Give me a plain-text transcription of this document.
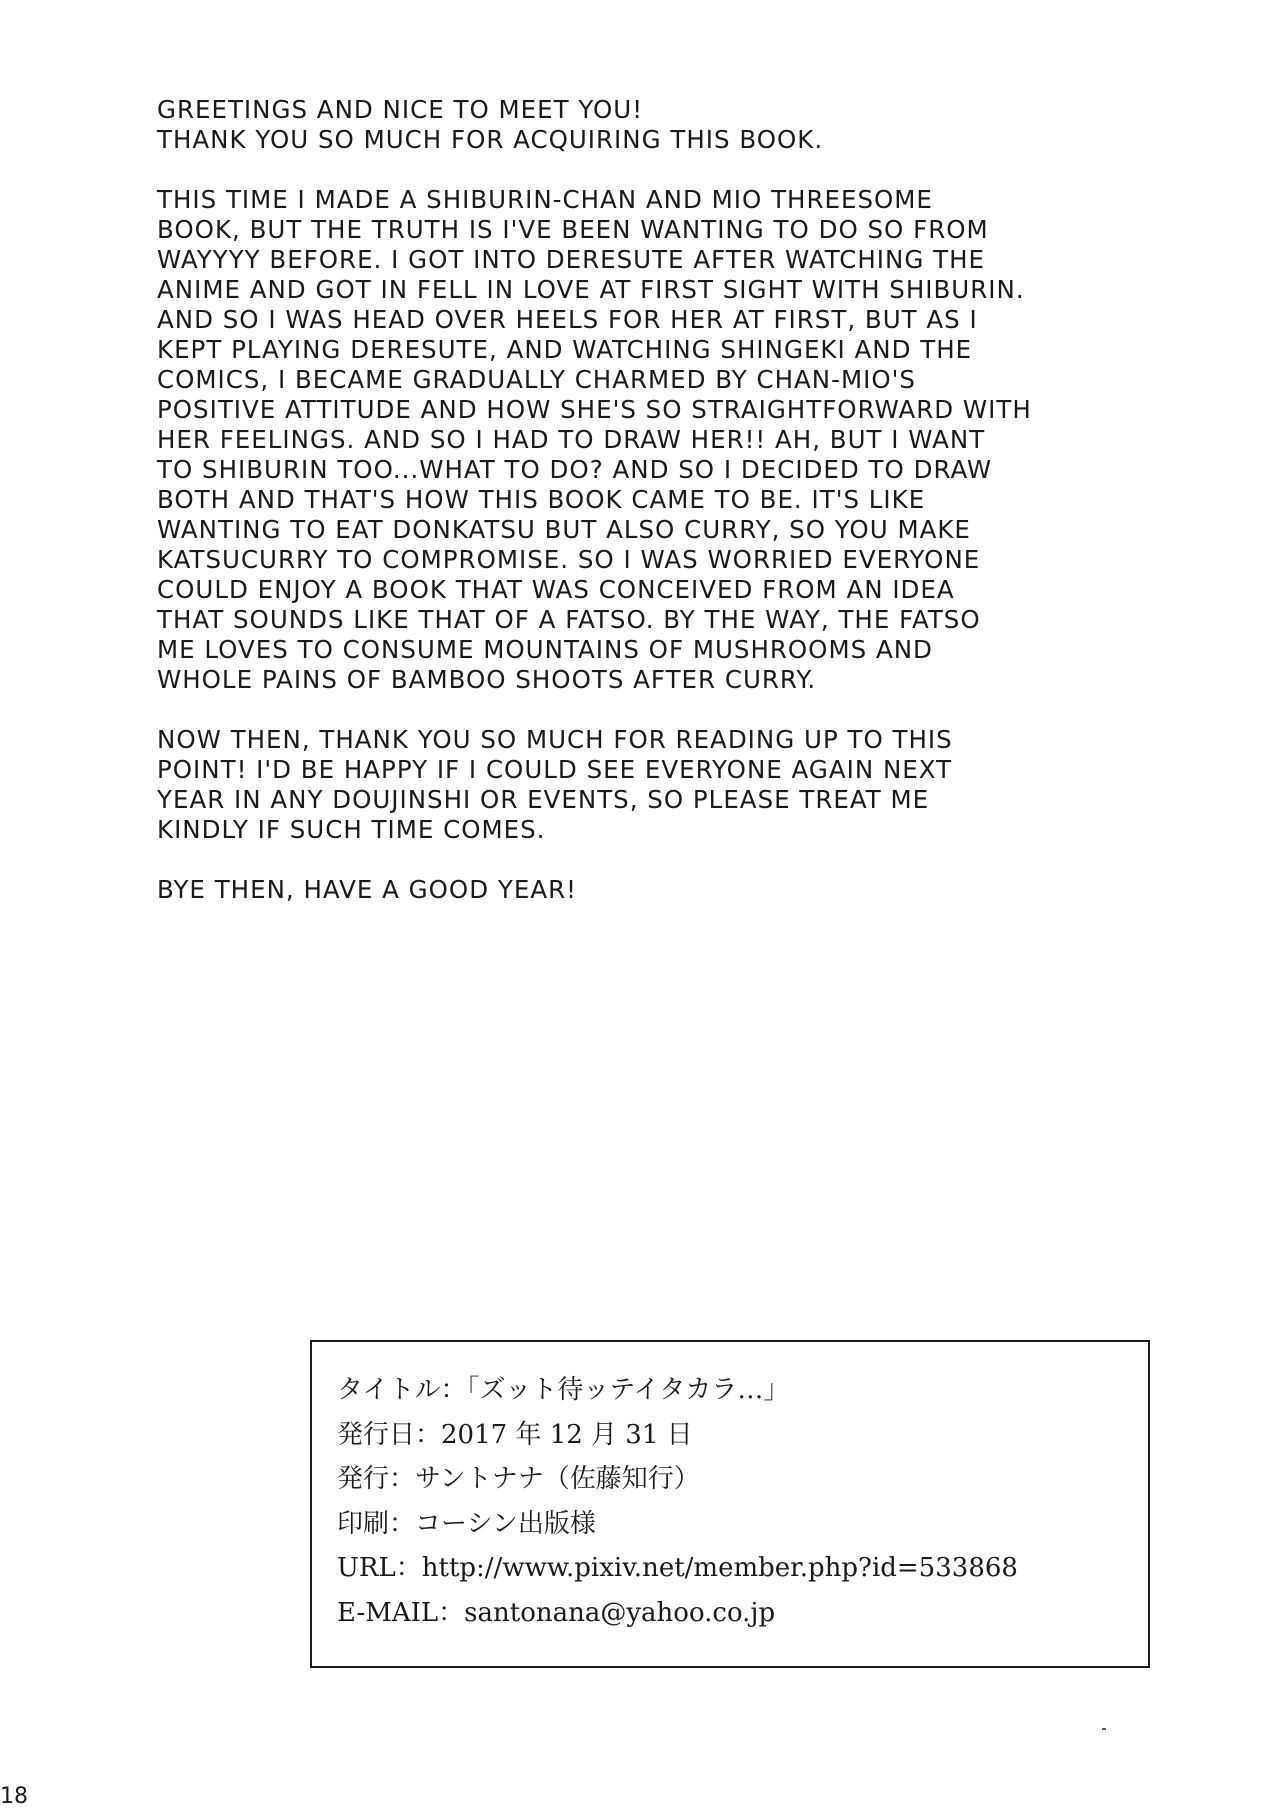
GREETINGS AND NICE TO MEET YOU!
THANK YOU SO MUCH FOR ACQUIRING THIS BOOK.
THIS TIME I MADE A SHIBURIN-CHAN AND MIO THREESOME
BOOK, BUT THE TRUTH IS I'VE BEEN WANTING TO DO SO FROM
WAYYYY BEFORE. I GOT INTO DERESUTE AFTER WATCHING THE
ANIME AND GOT IN FELL IN LOVE AT FIRST SIGHT WITH SHIBURIN.
AND SO I WAS HEAD OVER HEELS FOR HER AT FIRST, BUT AS I
KEPT PLAYING DERESUTE, AND WATCHING SHINGEKI AND THE
COMICS, I BECAME GRADUALLY CHARMED BY CHAN-MIO'S
POSITIVE ATTITUDE AND HOW SHE'S SO STRAIGHTFORWARD WITH
HER FEELINGS. AND SO I HAD TO DRAW HER!! AH, BUT I WANT
TO SHIBURIN TOO...WHAT TO DO? AND SO I DECIDED TO DRAW
BOTH AND THAT'S HOW THIS BOOK CAME TO BE. IT'S LIKE
WANTING TO EAT DONKATSU BUT ALSO CURRY, SO YOU MAKE
KATSUCURRY TO COMPROMISE. SO I WAS WORRIED EVERYONE
COULD ENJOY A BOOK THAT WAS CONCEIVED FROM AN IDEA
THAT SOUNDS LIKE THAT OF A FATSO. BY THE WAY, THE FATSO
ME LOVES TO CONSUME MOUNTAINS OF MUSHROOMS AND
WHOLE PAINS OF BAMBOO SHOOTS AFTER CURRY.
NOW THEN, THANK YOU SO MUCH FOR READING UP TO THIS
POINT! I'D BE HAPPY IF I COULD SEE EVERYONE AGAIN NEXT
YEAR IN ANY DOUJINSHI OR EVENTS, SO PLEASE TREAT ME
KINDLY IF SUCH TIME COMES.
BYE THEN, HAVE A GOOD YEAR!
タイトル：「ズット待ッテイタカラ…」
発行日：2017 年 12 月 31 日
発行：サントナナ（佐藤知行）
印刷：コーシン出版様
URL：http://www.pixiv.net/member.php?id=533868
E-MAIL：santonana@yahoo.co.jp
18
